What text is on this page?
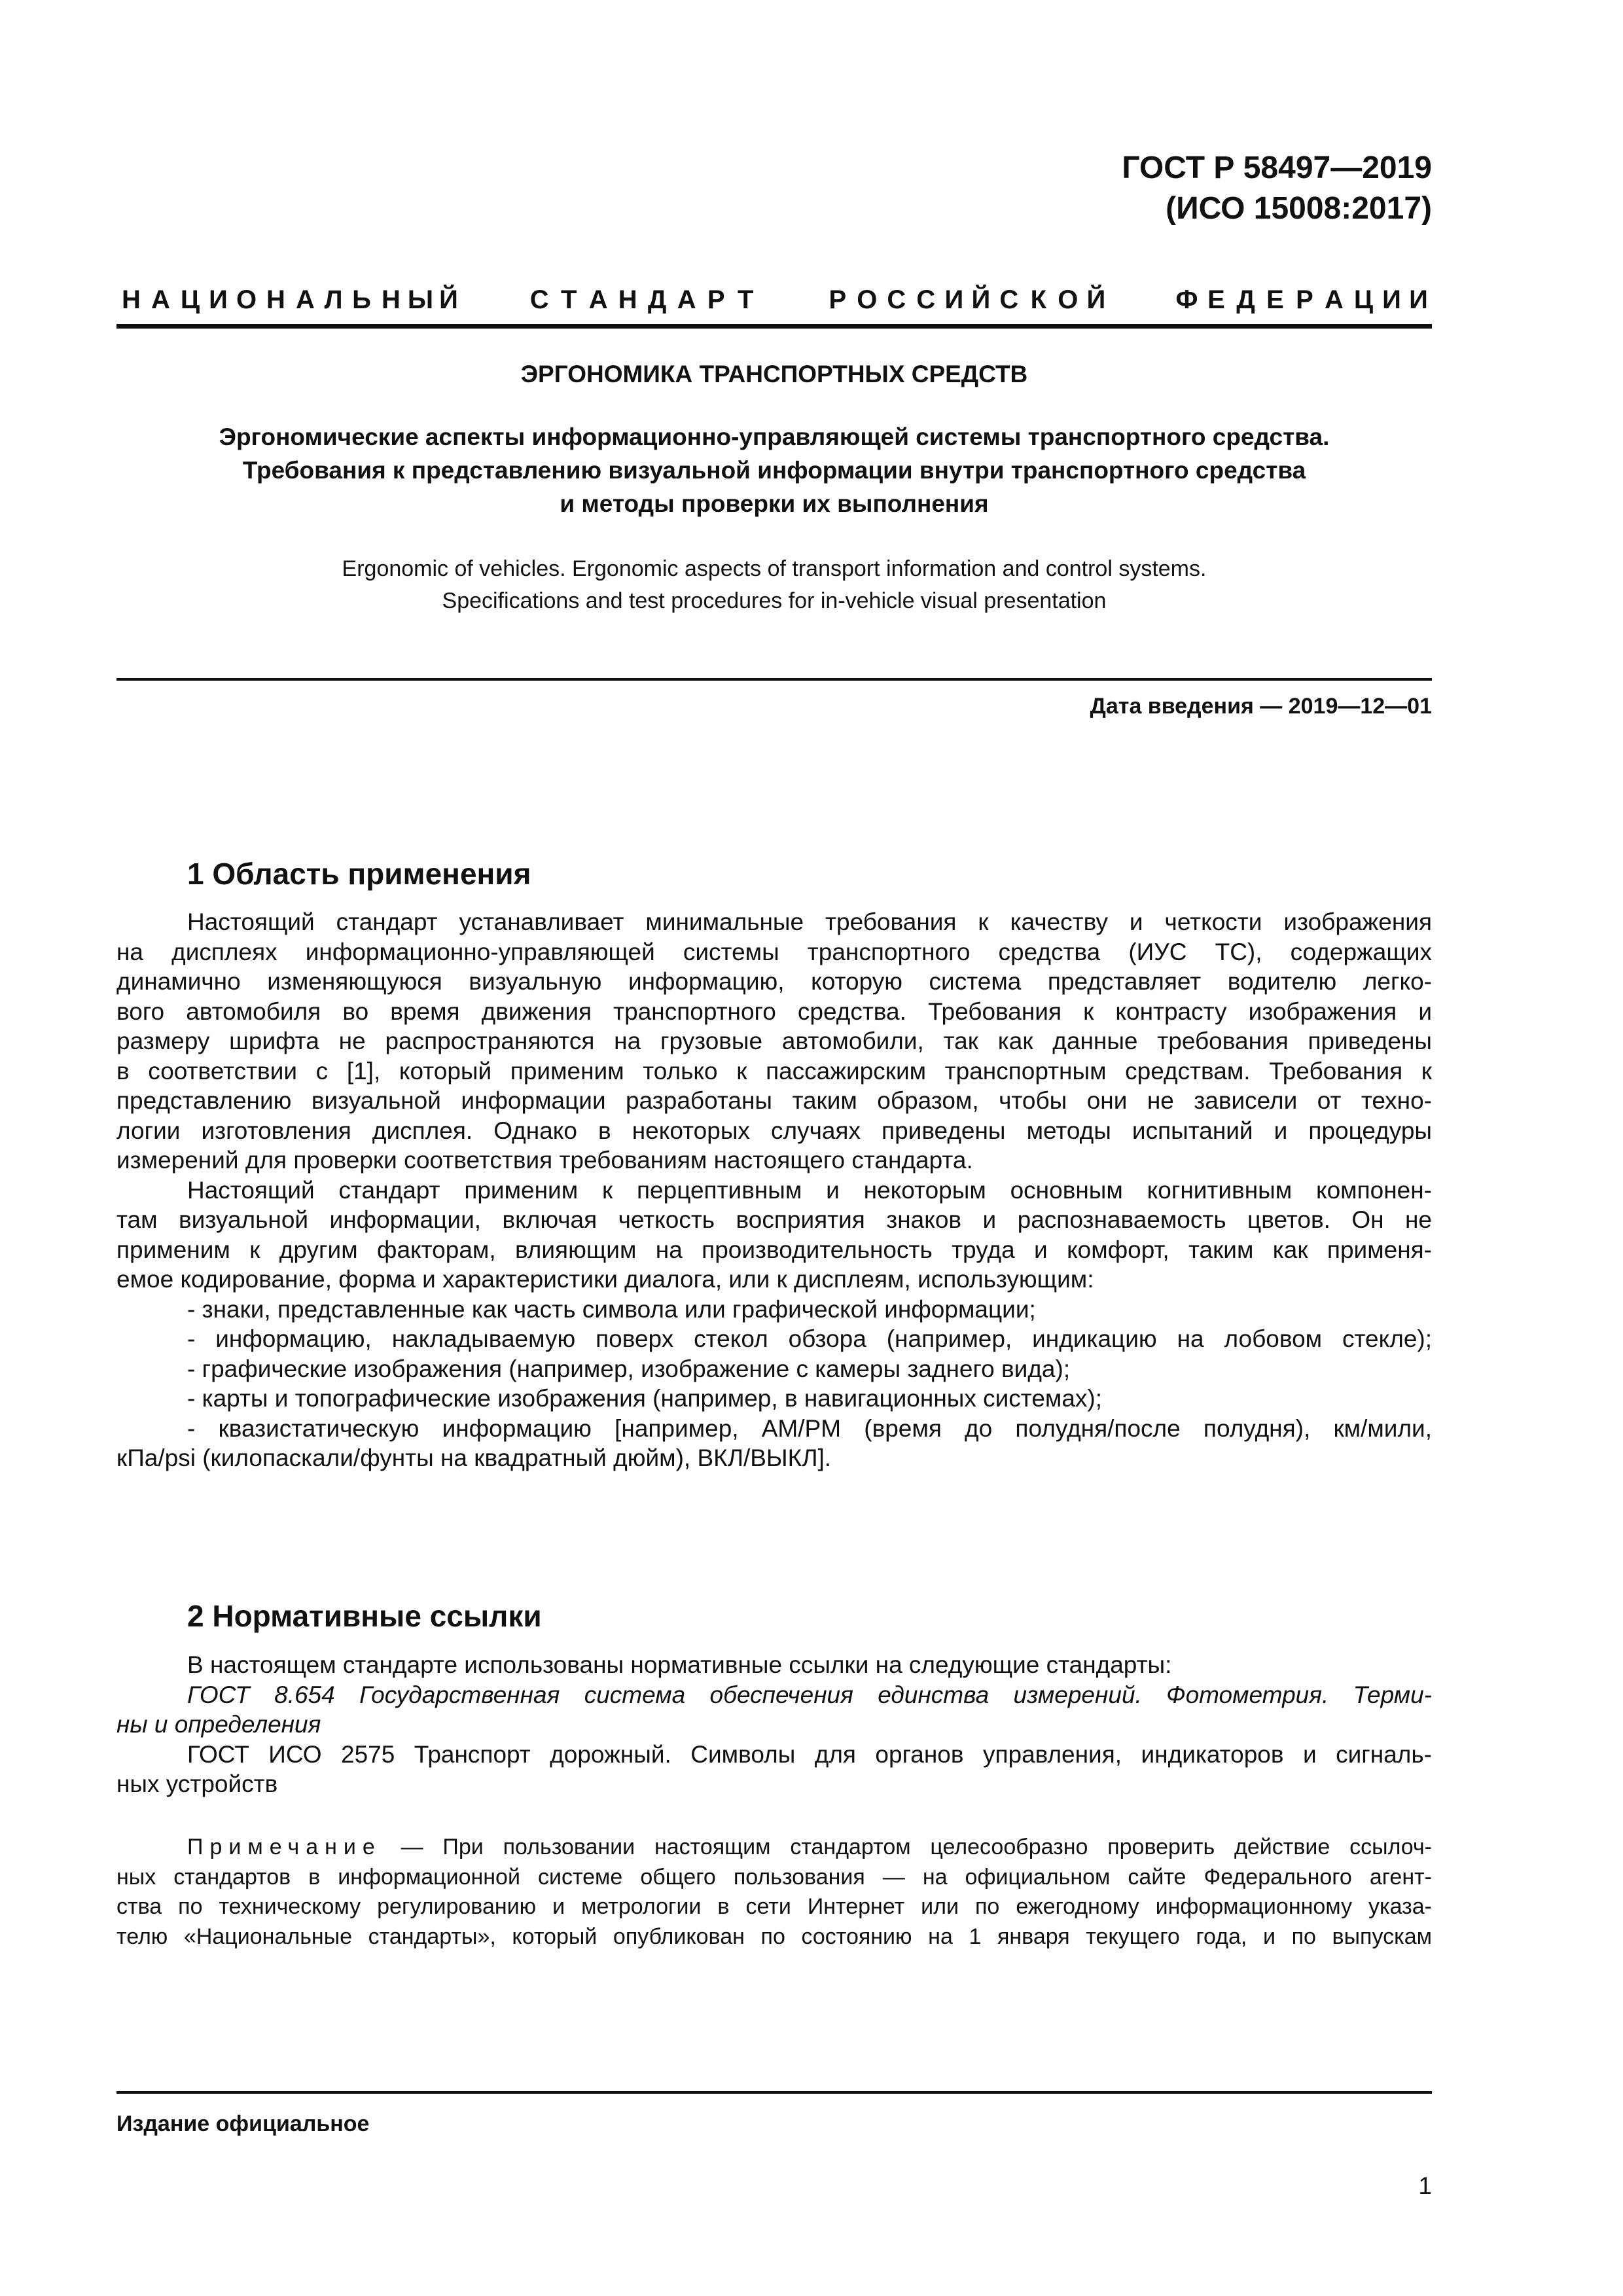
ГОСТ Р 58497—2019
(ИСО 15008:2017)
Н А Ц И О Н А Л Ь Н Ы Й	С Т А Н Д А Р Т	Р О С С И Й С К О Й	Ф Е Д Е Р А Ц И И
ЭРГОНОМИКА ТРАНСПОРТНЫХ СРЕДСТВ
Эргономические аспекты информационно-управляющей системы транспортного средства.
Требования к представлению визуальной информации внутри транспортного средства
и методы проверки их выполнения
Ergonomic of vehicles. Ergonomic aspects of transport information and control systems.
Specifications and test procedures for in-vehicle visual presentation
Дата введения — 2019—12—01
1 Область применения
Настоящий стандарт устанавливает минимальные требования к качеству и четкости изображения
на дисплеях информационно-управляющей системы транспортного средства (ИУС ТС), содержащих
динамично изменяющуюся визуальную информацию, которую система представляет водителю легко-
вого автомобиля во время движения транспортного средства. Требования к контрасту изображения и
размеру шрифта не распространяются на грузовые автомобили, так как данные требования приведены
в соответствии с [1], который применим только к пассажирским транспортным средствам. Требования к
представлению визуальной информации разработаны таким образом, чтобы они не зависели от техно-
логии изготовления дисплея. Однако в некоторых случаях приведены методы испытаний и процедуры
измерений для проверки соответствия требованиям настоящего стандарта.
Настоящий стандарт применим к перцептивным и некоторым основным когнитивным компонен-
там визуальной информации, включая четкость восприятия знаков и распознаваемость цветов. Он не
применим к другим факторам, влияющим на производительность труда и комфорт, таким как применя-
емое кодирование, форма и характеристики диалога, или к дисплеям, использующим:
- знаки, представленные как часть символа или графической информации;
- информацию, накладываемую поверх стекол обзора (например, индикацию на лобовом стекле);
- графические изображения (например, изображение с камеры заднего вида);
- карты и топографические изображения (например, в навигационных системах);
- квазистатическую информацию [например, AM/PM (время до полудня/после полудня), км/мили,
кПа/psi (килопаскали/фунты на квадратный дюйм), ВКЛ/ВЫКЛ].
2 Нормативные ссылки
В настоящем стандарте использованы нормативные ссылки на следующие стандарты:
ГОСТ 8.654 Государственная система обеспечения единства измерений. Фотометрия. Терми-
ны и определения
ГОСТ ИСО 2575 Транспорт дорожный. Символы для органов управления, индикаторов и сигналь-
ных устройств
Примечание — При пользовании настоящим стандартом целесообразно проверить действие ссылоч-
ных стандартов в информационной системе общего пользования — на официальном сайте Федерального агент-
ства по техническому регулированию и метрологии в сети Интернет или по ежегодному информационному указа-
телю «Национальные стандарты», который опубликован по состоянию на 1 января текущего года, и по выпускам
Издание официальное
1
